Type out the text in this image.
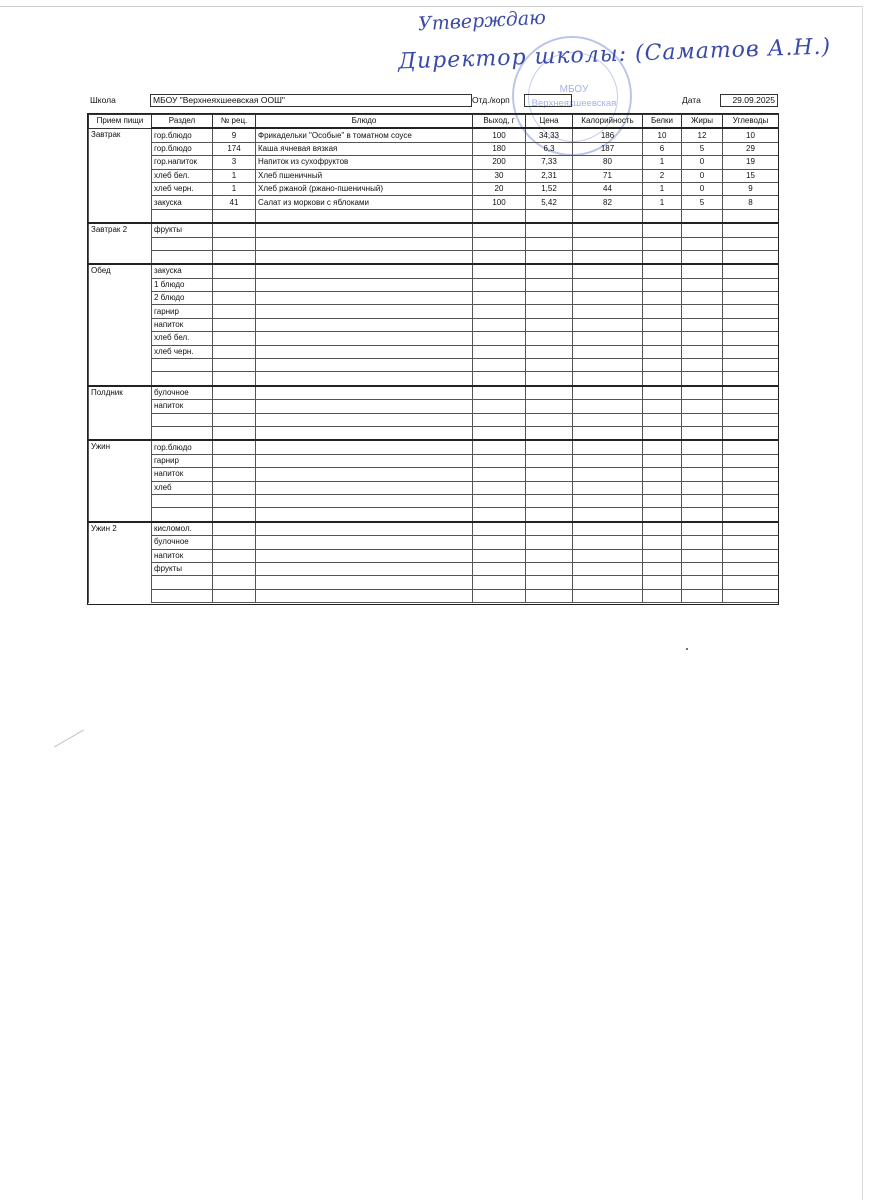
МБОУ
Верхнеяхшеевская
Утверждаю
Директор школы: (Саматов А.Н.)
Школа	МБОУ "Верхнеяхшеевская ООШ"	Отд./корп	Дата	29.09.2025
Прием пищи	Раздел	№ рец.	Блюдо	Выход, г	Цена	Калорийность	Белки	Жиры	Углеводы
Завтрак	гор.блюдо	9	Фрикадельки "Особые" в томатном соусе	100	34,33	186	10	12	10
	гор.блюдо	174	Каша ячневая вязкая	180	6,3	187	6	5	29
	гор.напиток	3	Напиток из сухофруктов	200	7,33	80	1	0	19
	хлеб бел.	1	Хлеб пшеничный	30	2,31	71	2	0	15
	хлеб черн.	1	Хлеб ржаной (ржано-пшеничный)	20	1,52	44	1	0	9
	закуска	41	Салат из моркови с яблоками	100	5,42	82	1	5	8

Завтрак 2	фрукты								

Обед	закуска								
	1 блюдо								
	2 блюдо								
	гарнир								
	напиток								
	хлеб бел.								
	хлеб черн.								

Полдник	булочное								
	напиток								

Ужин	гор.блюдо								
	гарнир								
	напиток								
	хлеб								

Ужин 2	кисломол.								
	булочное								
	напиток								
	фрукты								
